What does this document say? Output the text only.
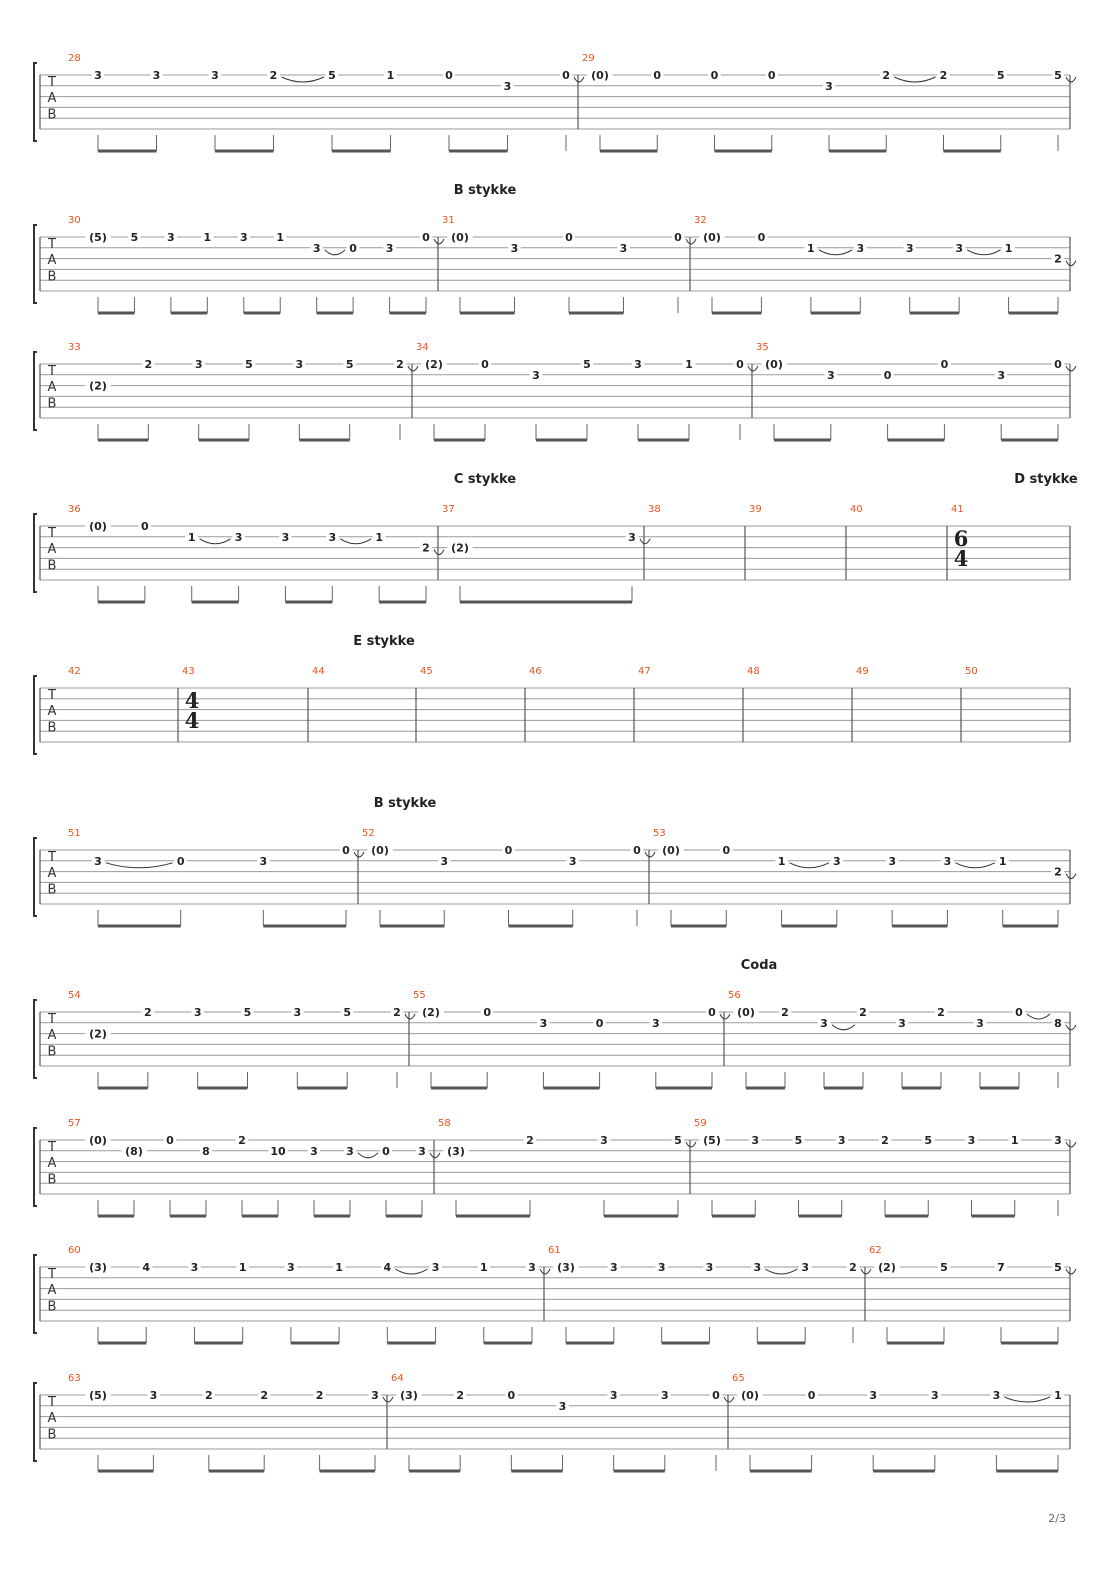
T
A
B
28
3	3	3	2	5	1	0
3
0
29
(0)	0	0	0
3
2	2	5	5
T
A
B
30
(5) 5	3	1	3	1
3	0	3
0
31
(0)
3
0
3
0
32
(0)	0
1	3	3	3	1
2
T
A
B
33
(2)
2	3	5	3	5	2
34
(2)	0
3
5	3	1	0
35
(0)
3	0
0
3
0
T
A
B
36
(0)	0
1	3	3	3	1
2
37
(2)
3
38	39	40	41
6
4
T
A
B
42	43
4
4
44	45	46	47	48	49	50
T
A
B
51
3	0	3
0
52
(0)
3
0
3
0
53
(0)	0
1	3	3	3	1
2
T
A
B
54
(2)
2	3	5	3	5	2
55
(2)	0
3	0	3
0
56
(0) 2
3
2
3
2
3
0
8
T
A
B
57
(0)
(8)
0
8
2
10 3	3	0	3
58
(3)
2	3	5
59
(5)	3	5	3	2	5	3	1	3
T
A
B
60
(3)	4	3	1	3	1	4	3	1	3
61
(3)	3	3	3	3	3	2
62
(2)	5	7	5
T
A
B
63
(5)	3	2	2	2	3
64
(3)	2	0
3
3	3	0
65
(0)	0	3	3	3	1
B stykke
C stykke	D stykke
E stykke
B stykke
Coda
2/3
